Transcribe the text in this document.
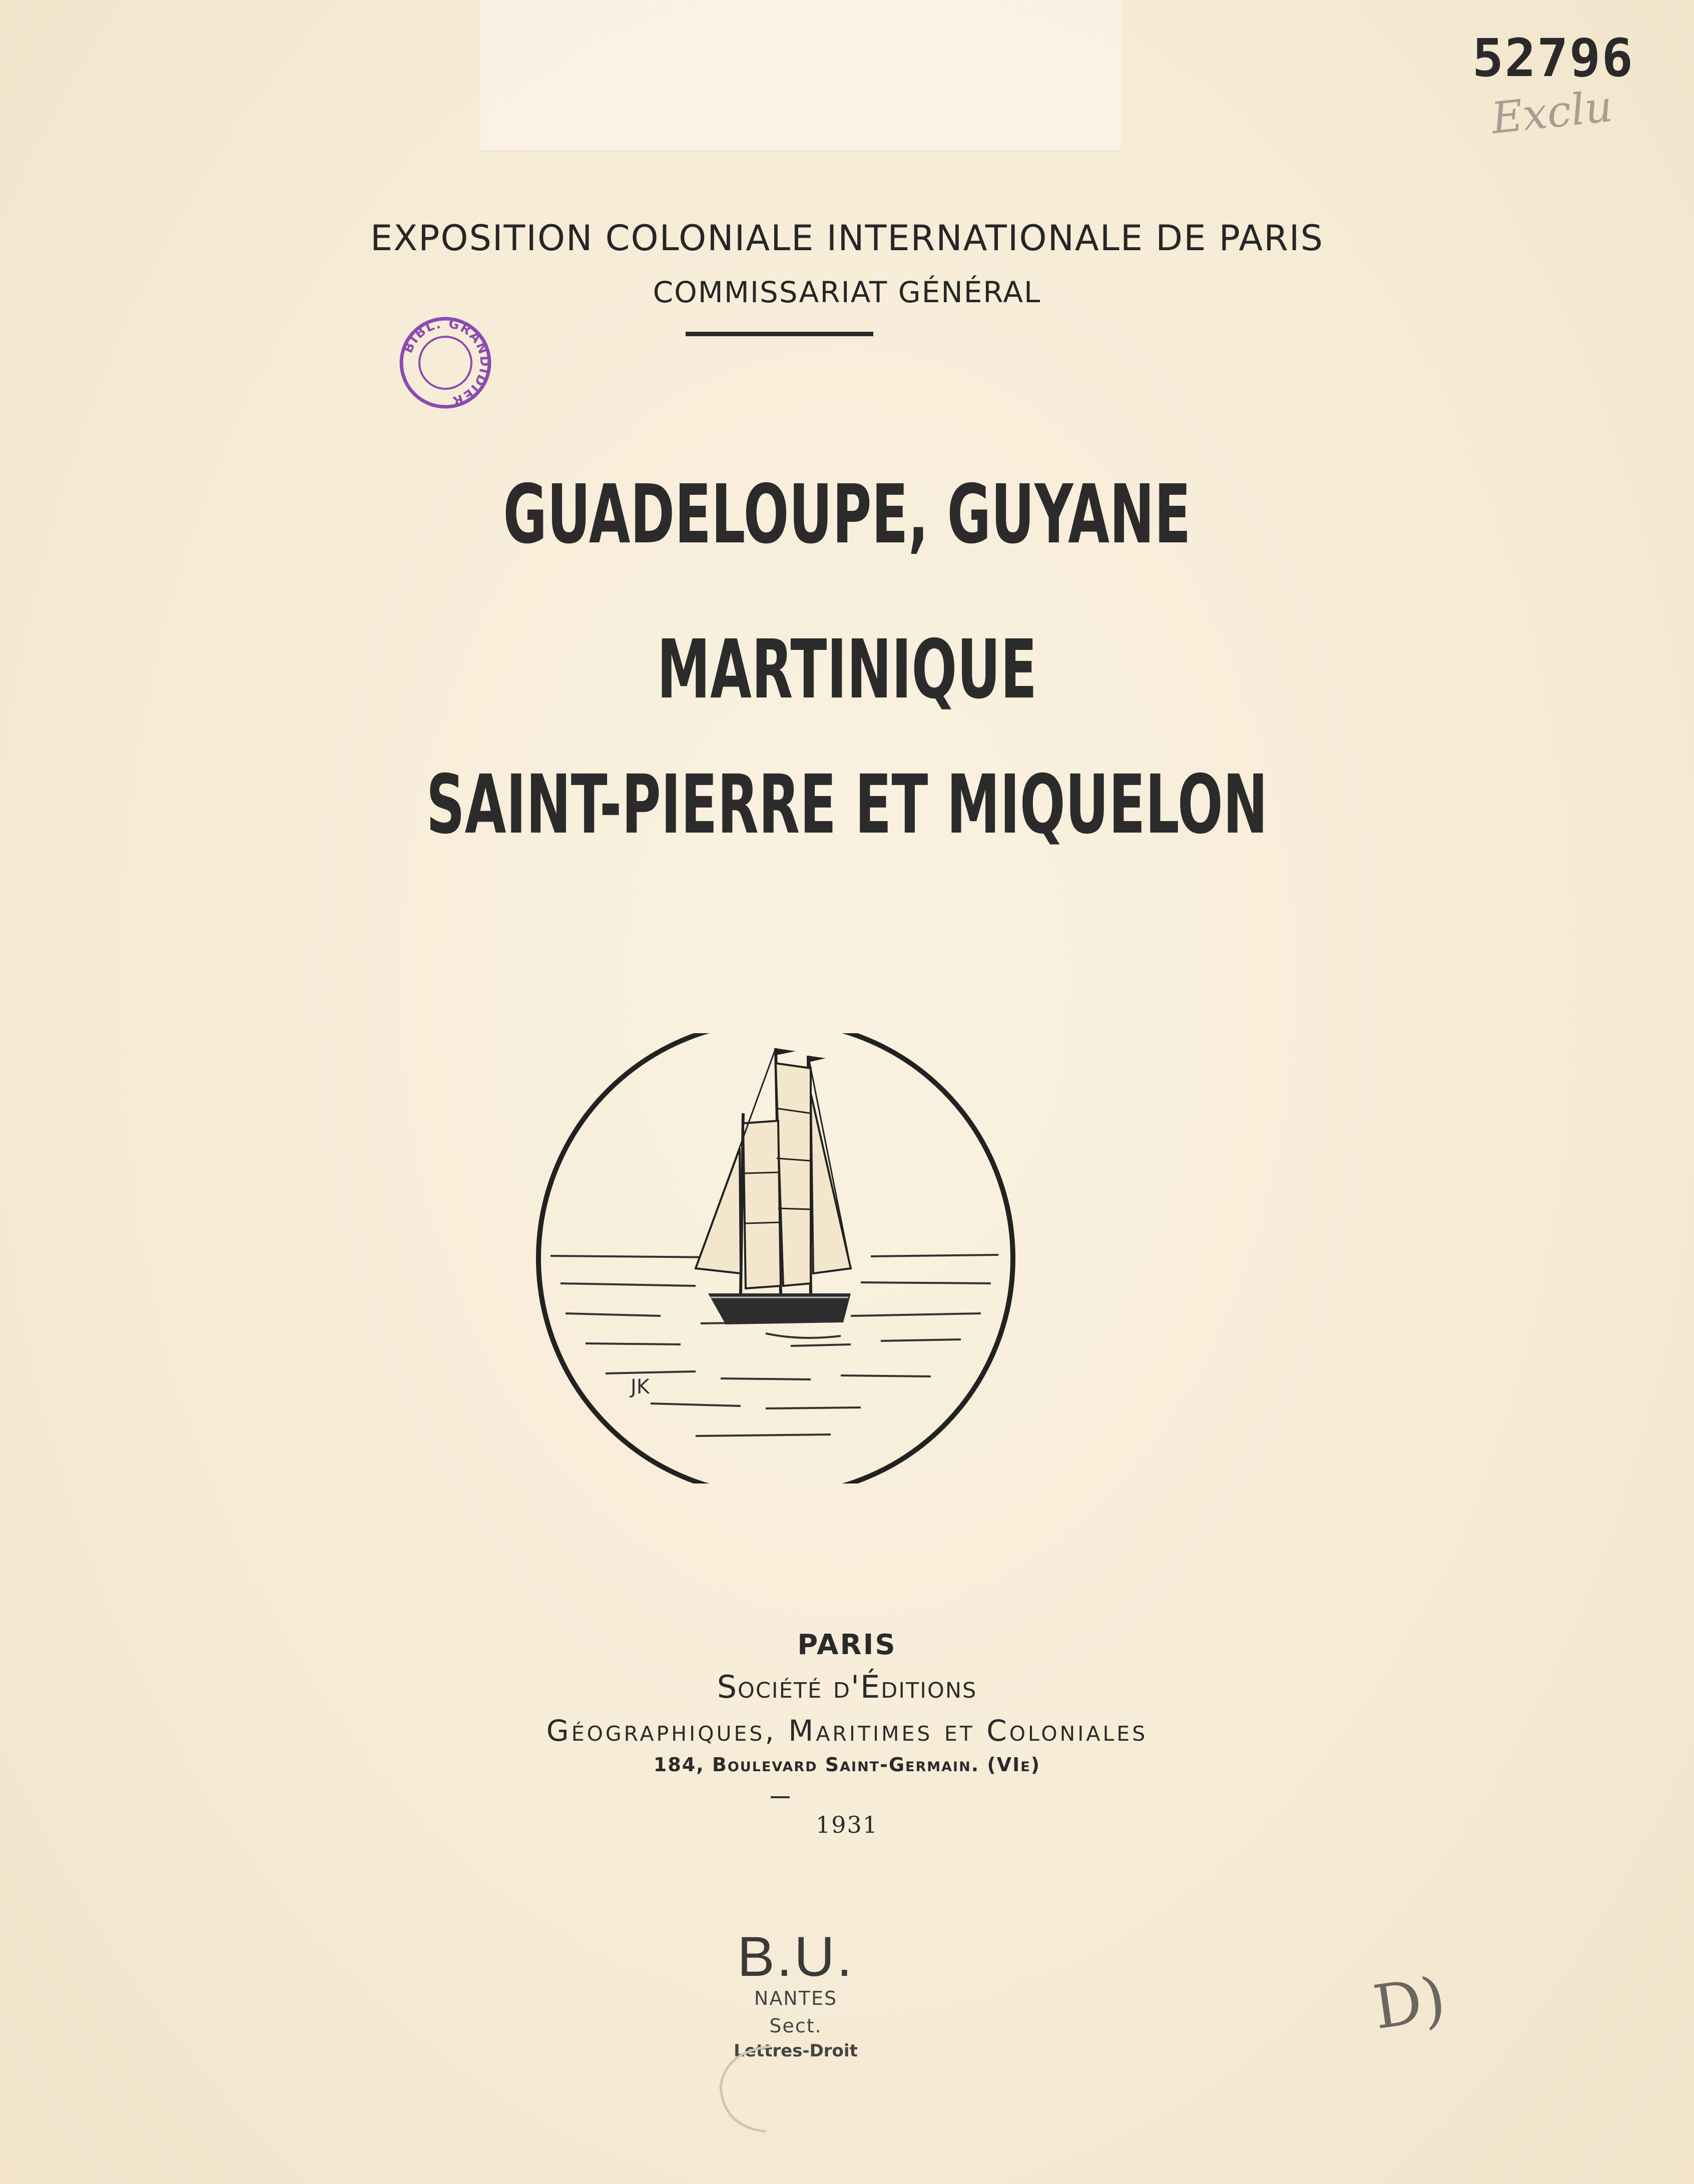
52796
Exclu
EXPOSITION COLONIALE INTERNATIONALE DE PARIS
COMMISSARIAT GÉNÉRAL
BIBL. GRANDIDIER
GUADELOUPE, GUYANE
MARTINIQUE
SAINT-PIERRE ET MIQUELON
JK
PARIS
Société d'Éditions
Géographiques, Maritimes et Coloniales
184, Boulevard Saint-Germain. (VIe)
1931
B.U.
NANTES
Sect.
Lettres-Droit
D)
